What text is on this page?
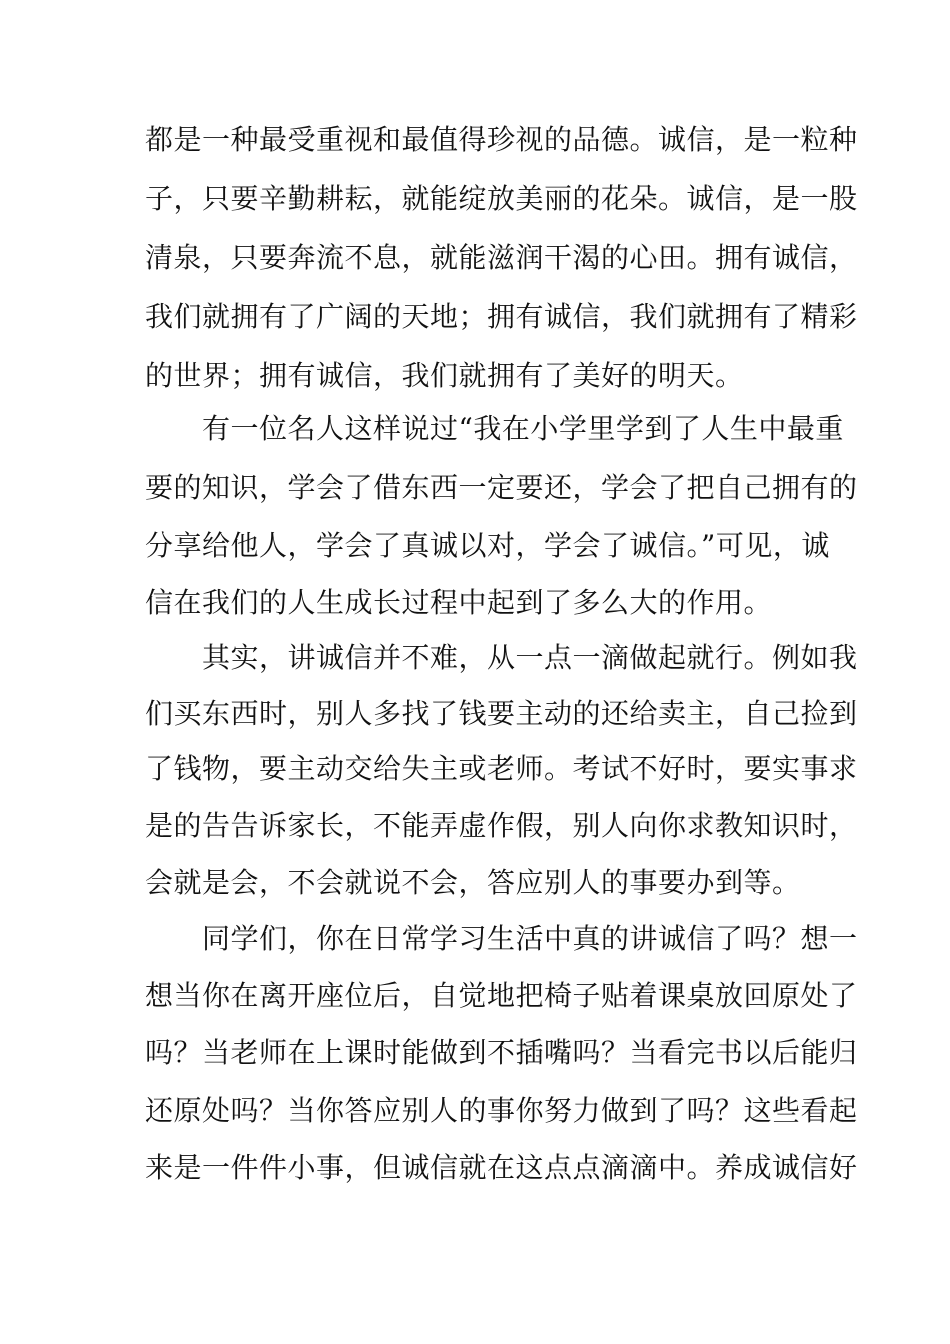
都是一种最受重视和最值得珍视的品德。诚信，是一粒种
子，只要辛勤耕耘，就能绽放美丽的花朵。诚信，是一股
清泉，只要奔流不息，就能滋润干渴的心田。拥有诚信，
我们就拥有了广阔的天地；拥有诚信，我们就拥有了精彩
的世界；拥有诚信，我们就拥有了美好的明天。
　　有一位名人这样说过“我在小学里学到了人生中最重
要的知识，学会了借东西一定要还，学会了把自己拥有的
分享给他人，学会了真诚以对，学会了诚信。”可见，诚
信在我们的人生成长过程中起到了多么大的作用。
　　其实，讲诚信并不难，从一点一滴做起就行。例如我
们买东西时，别人多找了钱要主动的还给卖主，自己捡到
了钱物，要主动交给失主或老师。考试不好时，要实事求
是的告告诉家长，不能弄虚作假，别人向你求教知识时，
会就是会，不会就说不会，答应别人的事要办到等。
　　同学们，你在日常学习生活中真的讲诚信了吗？想一
想当你在离开座位后，自觉地把椅子贴着课桌放回原处了
吗？当老师在上课时能做到不插嘴吗？当看完书以后能归
还原处吗？当你答应别人的事你努力做到了吗？这些看起
来是一件件小事，但诚信就在这点点滴滴中。养成诚信好
